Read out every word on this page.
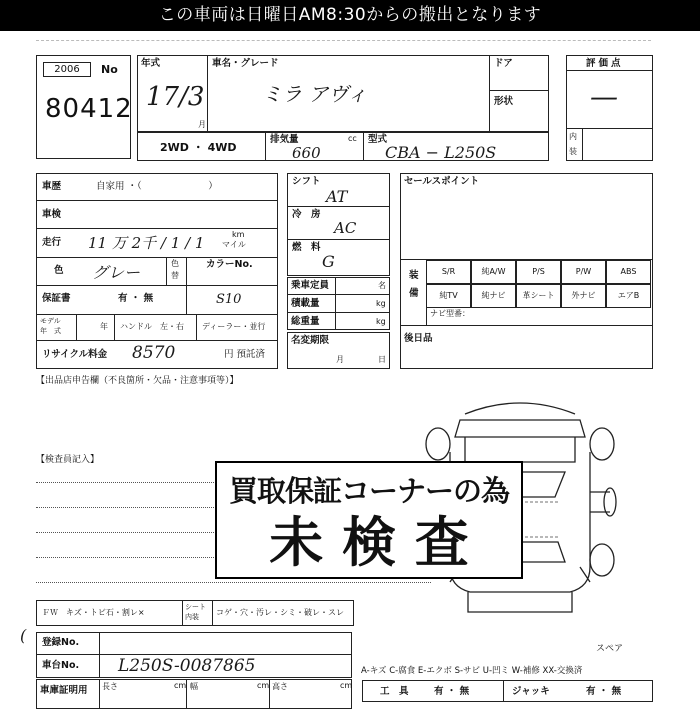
この車両は日曜日AM8:30からの搬出となります
2006	No
80412
年式
17/3
月
車名・グレード
ミラ アヴィ
ドア
形状
2WD ・ 4WD
排気量	cc
660
型式
CBA − L250S
評価点
—
内
装
車歴	自家用 ・（　　　　　　　）
車検
走行 11 万 2千 / 1 / 1	km
マイル
色 グレー	色
替
カラーNo.
保証書	有 ・ 無	S10
モデル
年　式	年 ハンドル　左・右 ディーラー・並行
リサイクル料金 8570	円 預託済
シフト
AT
冷　房
AC
燃　料
G
乗車定員	名
積載量	kg
総重量	kg
名変期限
月	日
セールスポイント
装
備
ナビ型番：
後日品
【出品店申告欄（不良箇所・欠品・注意事項等）】
【検査員記入】
買取保証コーナーの為
未 検 査
ＦＷ　キズ・トビ石・割レ×
シート
内装 コゲ・穴・汚レ・シミ・破レ・スレ
( 登録No.
車台No. L250S-0087865
車庫証明用 長さ	cm 幅	cm 高さ	cm
スペア
A-キズ C-腐食 E-エクボ S-サビ U-凹ミ W-補修 XX-交換済
工　具	有 ・ 無	ジャッキ	有 ・ 無
S/R	純A/W	P/S	P/W	ABS
純TV	純ナビ	革シート	外ナビ	エアB
